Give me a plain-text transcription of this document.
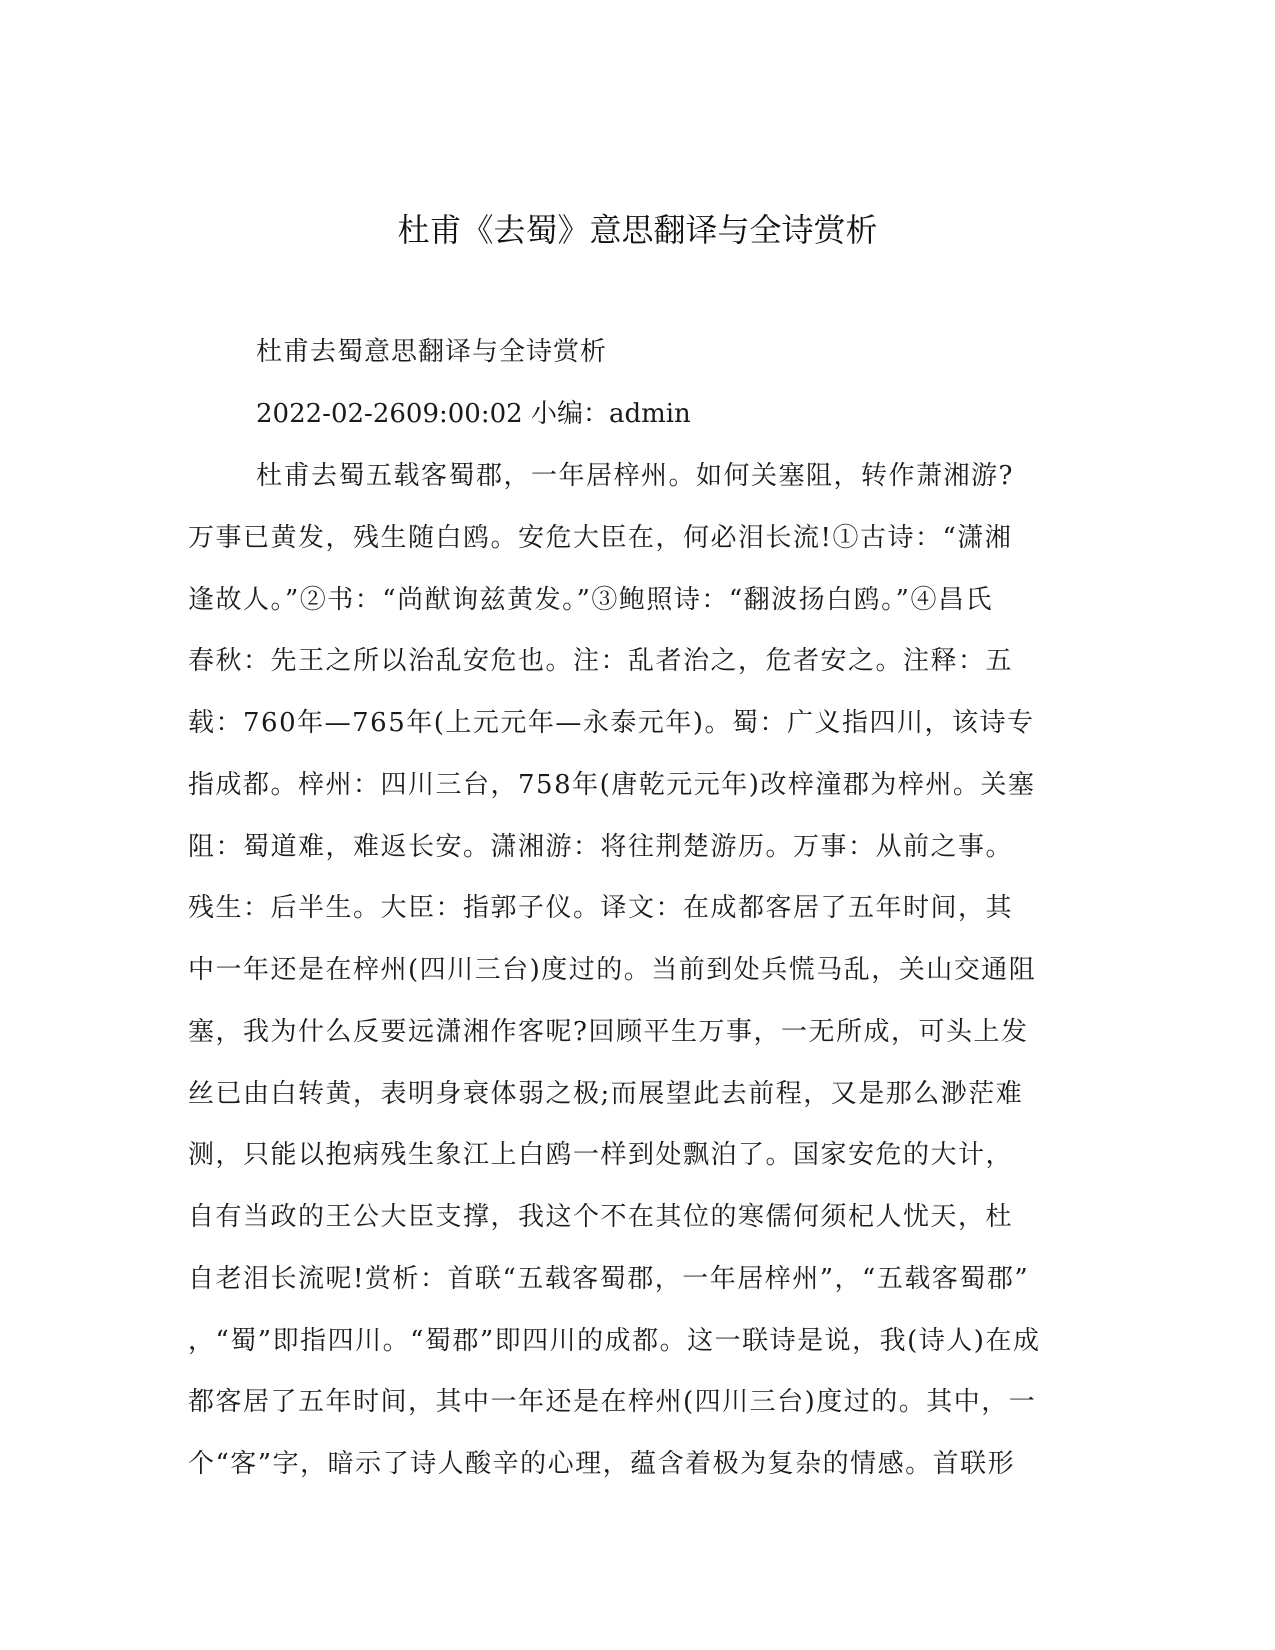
杜甫《去蜀》意思翻译与全诗赏析

杜甫去蜀意思翻译与全诗赏析

2022-02-2609:00:02 小编：admin

杜甫去蜀五载客蜀郡，一年居梓州。如何关塞阻，转作萧湘游?
万事已黄发，残生随白鸥。安危大臣在，何必泪长流!①古诗：“潇湘
逢故人。”②书：“尚猷询兹黄发。”③鲍照诗：“翻波扬白鸥。”④昌氏
春秋：先王之所以治乱安危也。注：乱者治之，危者安之。注释：五
载：760年—765年(上元元年—永泰元年)。蜀：广义指四川，该诗专
指成都。梓州：四川三台，758年(唐乾元元年)改梓潼郡为梓州。关塞
阻：蜀道难，难返长安。潇湘游：将往荆楚游历。万事：从前之事。
残生：后半生。大臣：指郭子仪。译文：在成都客居了五年时间，其
中一年还是在梓州(四川三台)度过的。当前到处兵慌马乱，关山交通阻
塞，我为什么反要远潇湘作客呢?回顾平生万事，一无所成，可头上发
丝已由白转黄，表明身衰体弱之极;而展望此去前程，又是那么渺茫难
测，只能以抱病残生象江上白鸥一样到处飘泊了。国家安危的大计，
自有当政的王公大臣支撑，我这个不在其位的寒儒何须杞人忧天，杜
自老泪长流呢!赏析：首联“五载客蜀郡，一年居梓州”，“五载客蜀郡”
，“蜀”即指四川。“蜀郡”即四川的成都。这一联诗是说，我(诗人)在成
都客居了五年时间，其中一年还是在梓州(四川三台)度过的。其中，一
个“客”字，暗示了诗人酸辛的心理，蕴含着极为复杂的情感。首联形
